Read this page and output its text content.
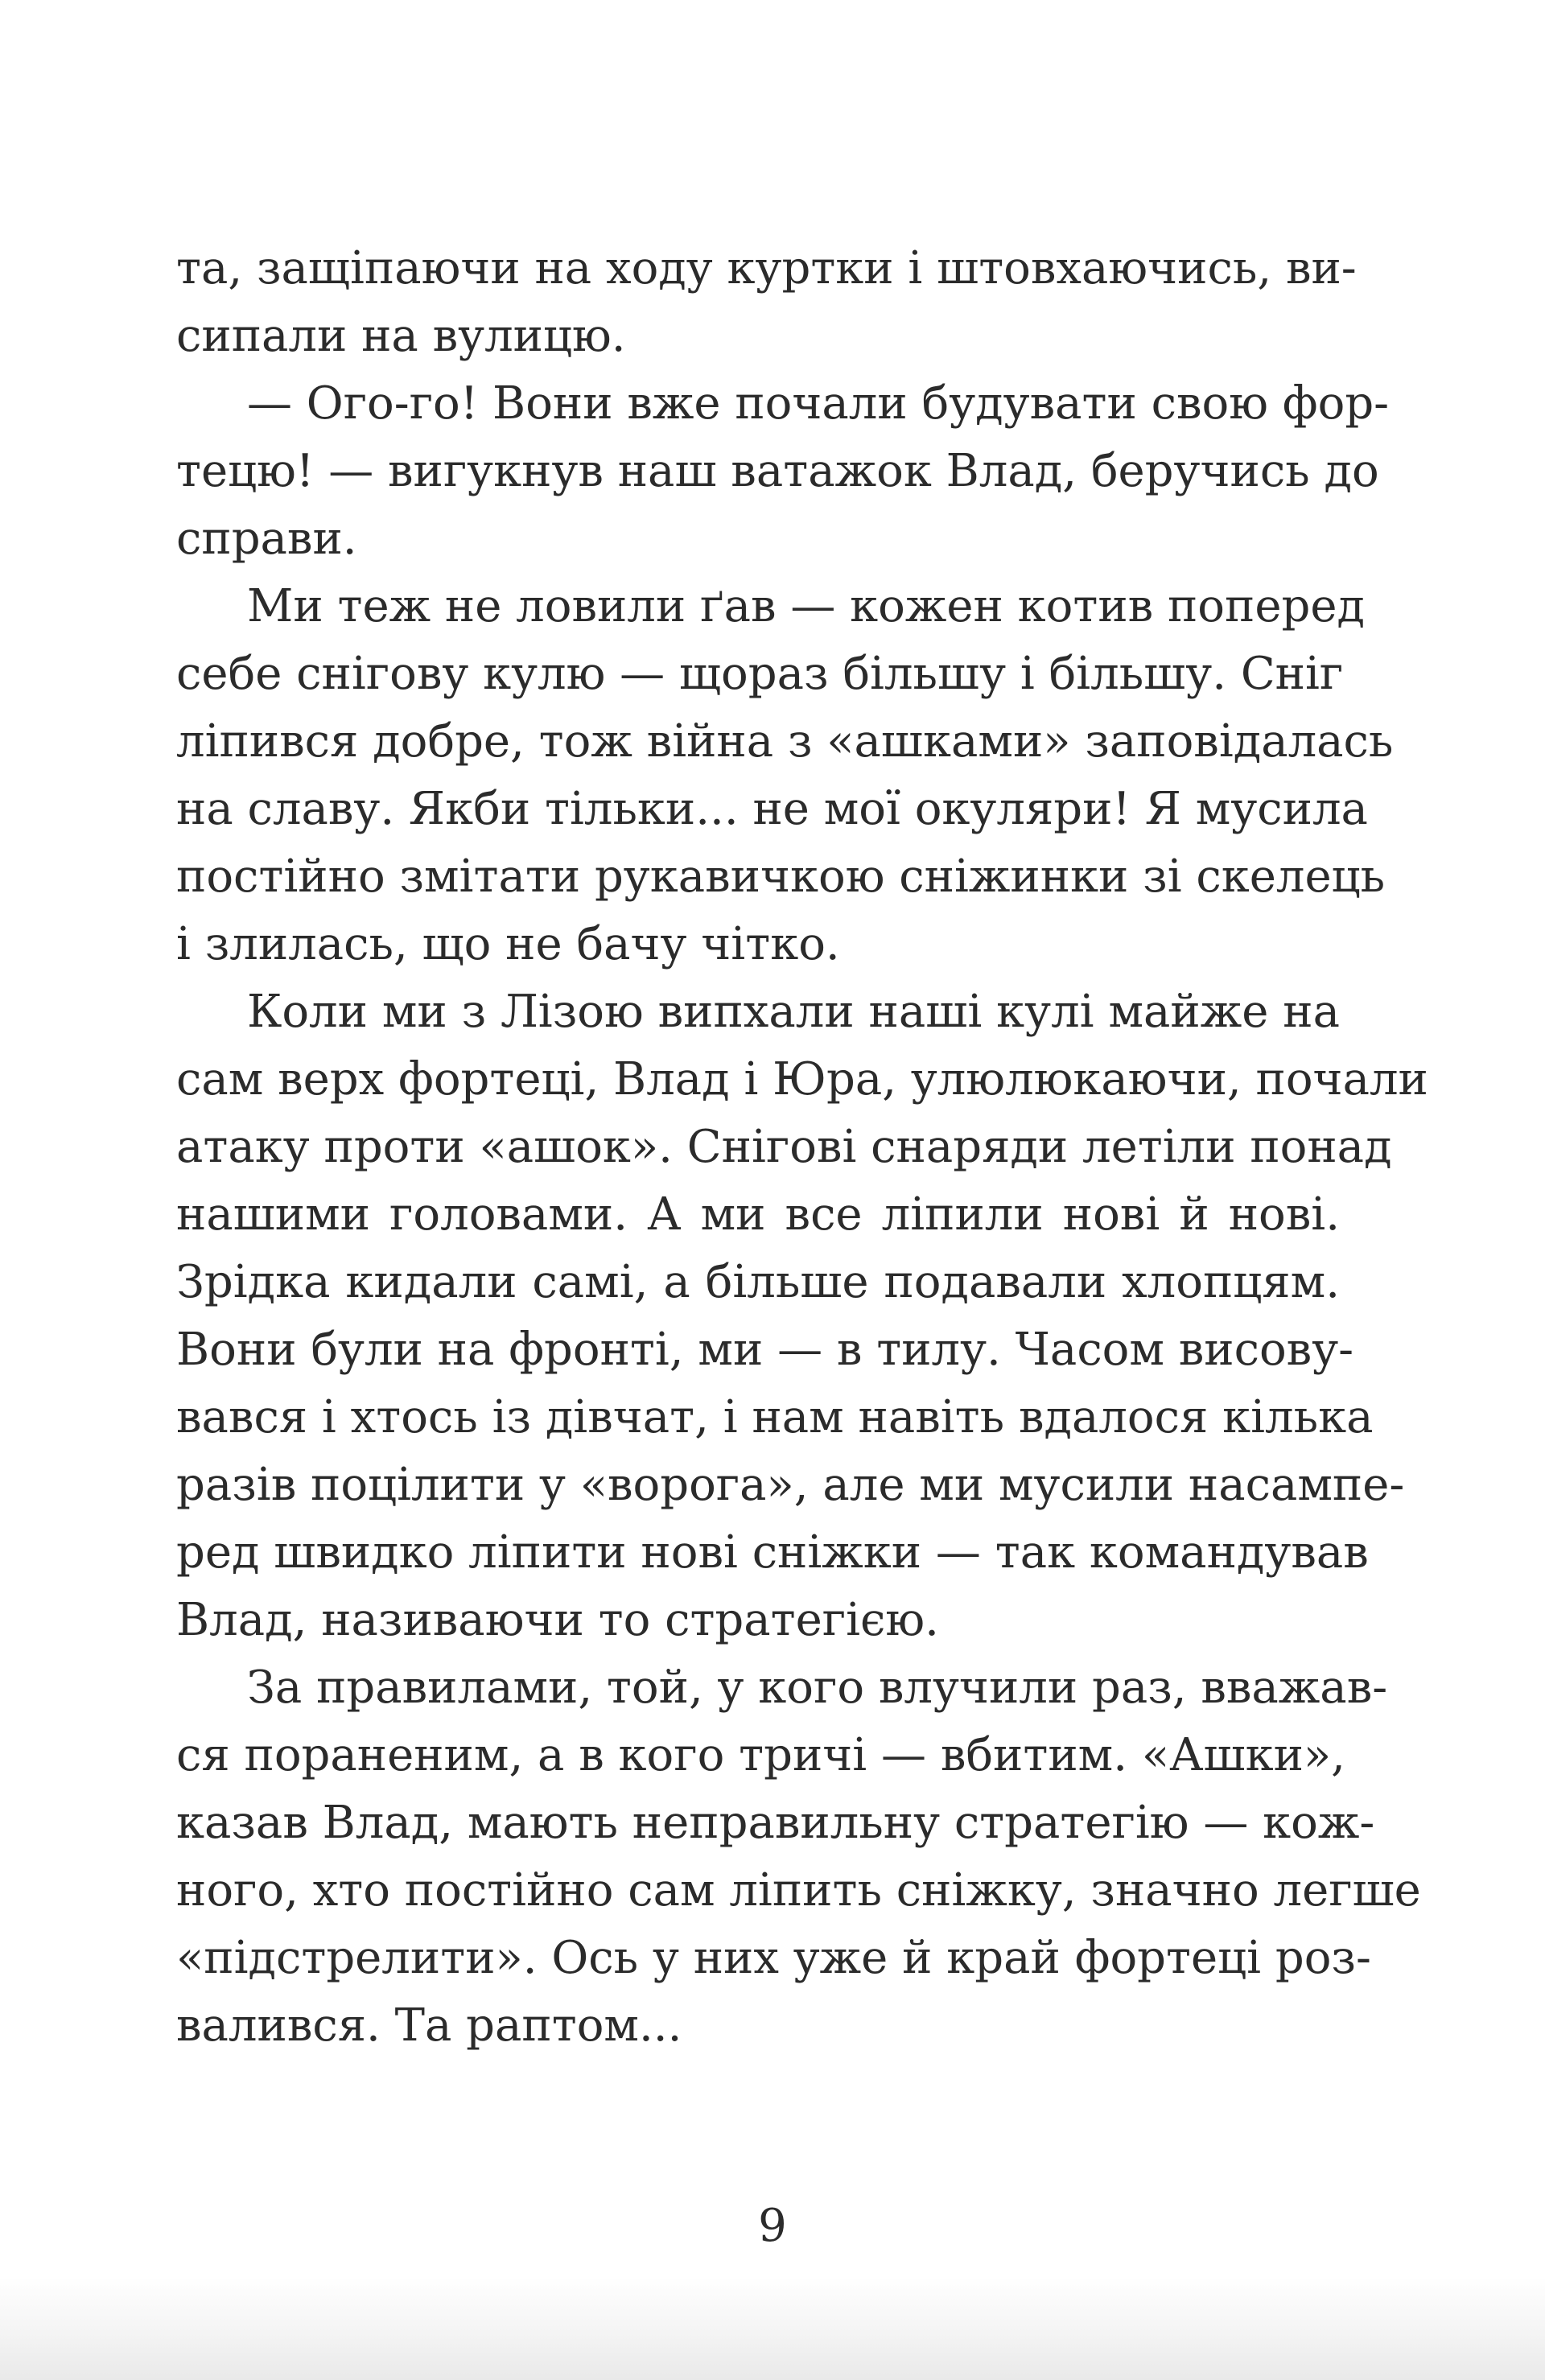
та, защіпаючи на ходу куртки і штовхаючись, ви-
сипали на вулицю.

— Ого-го! Вони вже почали будувати свою фор-
тецю! — вигукнув наш ватажок Влад, беручись до
справи.

Ми теж не ловили ґав — кожен котив поперед
себе снігову кулю — щораз більшу і більшу. Сніг
ліпився добре, тож війна з «ашками» заповідалась
на славу. Якби тільки... не мої окуляри! Я мусила
постійно змітати рукавичкою сніжинки зі скелець
і злилась, що не бачу чітко.

Коли ми з Лізою випхали наші кулі майже на
сам верх фортеці, Влад і Юра, улюлюкаючи, почали
атаку проти «ашок». Снігові снаряди летіли понад
нашими головами. А ми все ліпили нові й нові.
Зрідка кидали самі, а більше подавали хлопцям.
Вони були на фронті, ми — в тилу. Часом висову-
вався і хтось із дівчат, і нам навіть вдалося кілька
разів поцілити у «ворога», але ми мусили насампе-
ред швидко ліпити нові сніжки — так командував
Влад, називаючи то стратегією.

За правилами, той, у кого влучили раз, вважав-
ся пораненим, а в кого тричі — вбитим. «Ашки»,
казав Влад, мають неправильну стратегію — кож-
ного, хто постійно сам ліпить сніжку, значно легше
«підстрелити». Ось у них уже й край фортеці роз-
валився. Та раптом...

9
